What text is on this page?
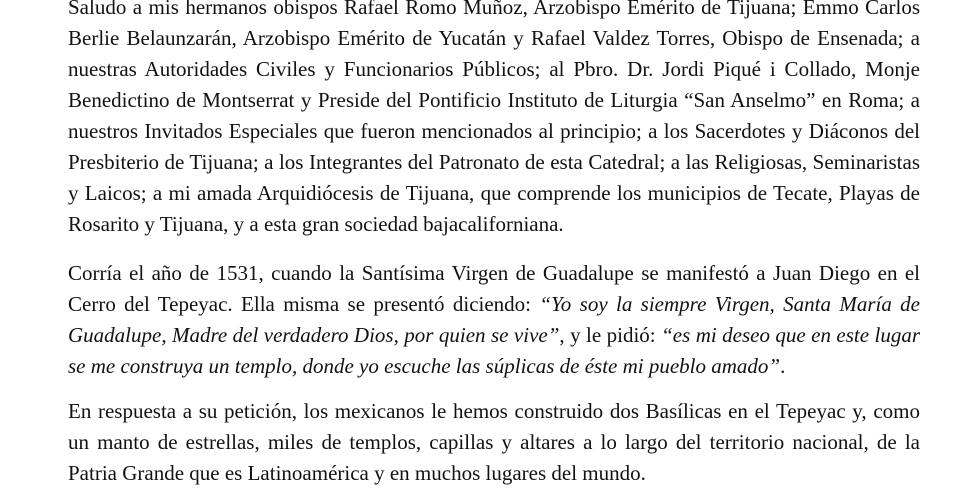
Saludo a mis hermanos obispos Rafael Romo Muñoz, Arzobispo Emérito de Tijuana; Emmo Carlos Berlie Belaunzarán, Arzobispo Emérito de Yucatán y Rafael Valdez Torres, Obispo de Ensenada; a nuestras Autoridades Civiles y Funcionarios Públicos; al Pbro. Dr. Jordi Piqué i Collado, Monje Benedictino de Montserrat y Preside del Pontificio Instituto de Liturgia “San Anselmo” en Roma; a nuestros Invitados Especiales que fueron mencionados al principio; a los Sacerdotes y Diáconos del Presbiterio de Tijuana; a los Integrantes del Patronato de esta Catedral; a las Religiosas, Seminaristas y Laicos; a mi amada Arquidiócesis de Tijuana, que comprende los municipios de Tecate, Playas de Rosarito y Tijuana, y a esta gran sociedad bajacaliforniana.

Corría el año de 1531, cuando la Santísima Virgen de Guadalupe se manifestó a Juan Diego en el Cerro del Tepeyac. Ella misma se presentó diciendo: “Yo soy la siempre Virgen, Santa María de Guadalupe, Madre del verdadero Dios, por quien se vive”, y le pidió: “es mi deseo que en este lugar se me construya un templo, donde yo escuche las súplicas de éste mi pueblo amado”.

En respuesta a su petición, los mexicanos le hemos construido dos Basílicas en el Tepeyac y, como un manto de estrellas, miles de templos, capillas y altares a lo largo del territorio nacional, de la Patria Grande que es Latinoamérica y en muchos lugares del mundo.
